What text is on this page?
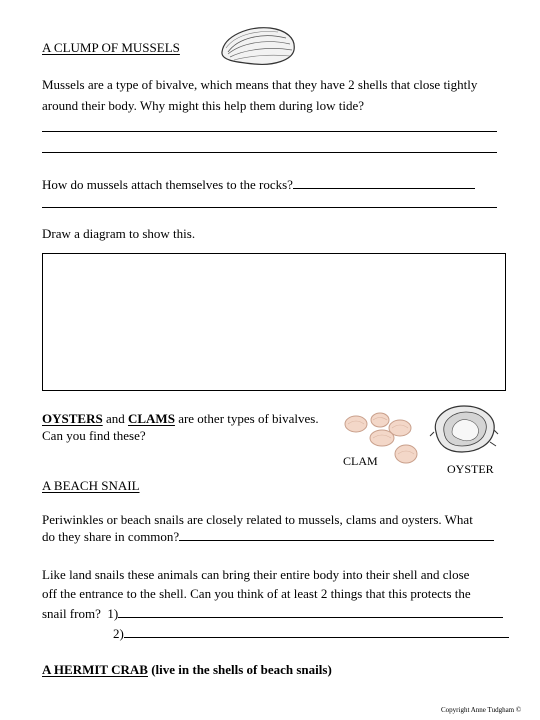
A CLUMP OF MUSSELS
Mussels are a type of bivalve, which means that they have 2 shells that close tightly
around their body. Why might this help them during low tide?
How do mussels attach themselves to the rocks?
Draw a diagram to show this.
OYSTERS and CLAMS are other types of bivalves.
Can you find these?
CLAM
OYSTER
A BEACH SNAIL
Periwinkles or beach snails are closely related to mussels, clams and oysters. What
do they share in common?
Like land snails these animals can bring their entire body into their shell and close
off the entrance to the shell. Can you think of at least 2 things that this protects the
snail from? 1)
2)
A HERMIT CRAB (live in the shells of beach snails)
Copyright Anne Tudgham ©
